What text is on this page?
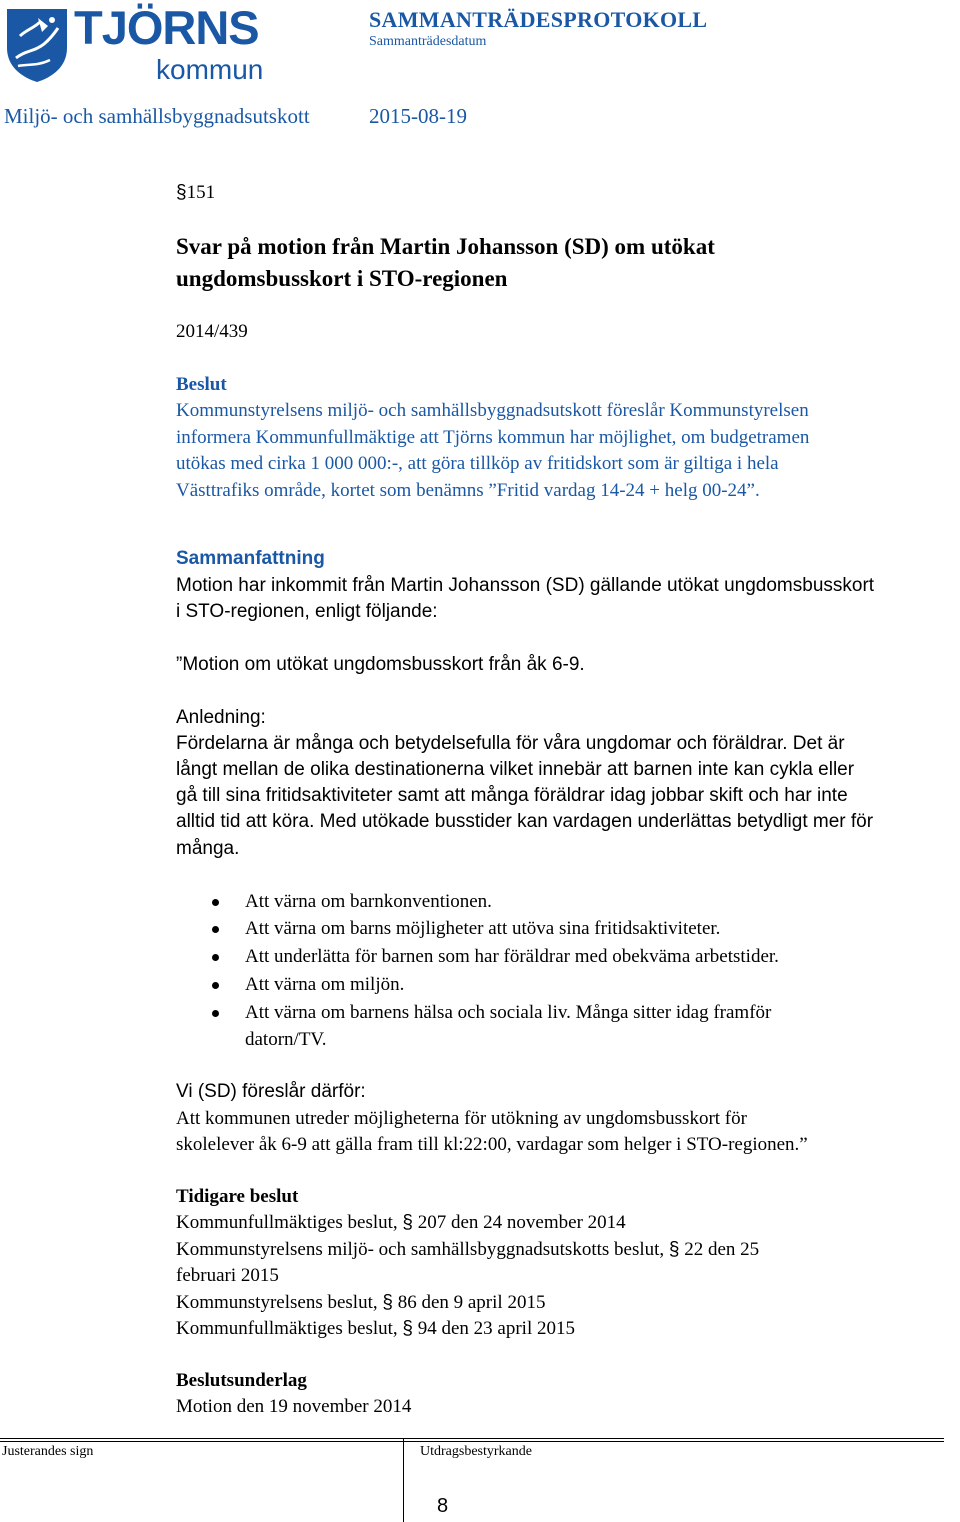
TJÖRNS
kommun
SAMMANTRÄDESPROTOKOLL
Sammanträdesdatum
Miljö- och samhällsbyggnadsutskott	2015-08-19
§151
Svar på motion från Martin Johansson (SD) om utökat
ungdomsbusskort i STO-regionen
2014/439
Beslut
Kommunstyrelsens miljö- och samhällsbyggnadsutskott föreslår Kommunstyrelsen
informera Kommunfullmäktige att Tjörns kommun har möjlighet, om budgetramen
utökas med cirka 1 000 000:-, att göra tillköp av fritidskort som är giltiga i hela
Västtrafiks område, kortet som benämns ”Fritid vardag 14-24 + helg 00-24”.
Sammanfattning
Motion har inkommit från Martin Johansson (SD) gällande utökat ungdomsbusskort
i STO-regionen, enligt följande:
”Motion om utökat ungdomsbusskort från åk 6-9.
Anledning:
Fördelarna är många och betydelsefulla för våra ungdomar och föräldrar. Det är
långt mellan de olika destinationerna vilket innebär att barnen inte kan cykla eller
gå till sina fritidsaktiviteter samt att många föräldrar idag jobbar skift och har inte
alltid tid att köra. Med utökade busstider kan vardagen underlättas betydligt mer för
många.
Att värna om barnkonventionen.
Att värna om barns möjligheter att utöva sina fritidsaktiviteter.
Att underlätta för barnen som har föräldrar med obekväma arbetstider.
Att värna om miljön.
Att värna om barnens hälsa och sociala liv. Många sitter idag framför
datorn/TV.
Vi (SD) föreslår därför:
Att kommunen utreder möjligheterna för utökning av ungdomsbusskort för
skolelever åk 6-9 att gälla fram till kl:22:00, vardagar som helger i STO-regionen.”
Tidigare beslut
Kommunfullmäktiges beslut, § 207 den 24 november 2014
Kommunstyrelsens miljö- och samhällsbyggnadsutskotts beslut, § 22 den 25
februari 2015
Kommunstyrelsens beslut, § 86 den 9 april 2015
Kommunfullmäktiges beslut, § 94 den 23 april 2015
Beslutsunderlag
Motion den 19 november 2014
Justerandes sign	Utdragsbestyrkande
8
